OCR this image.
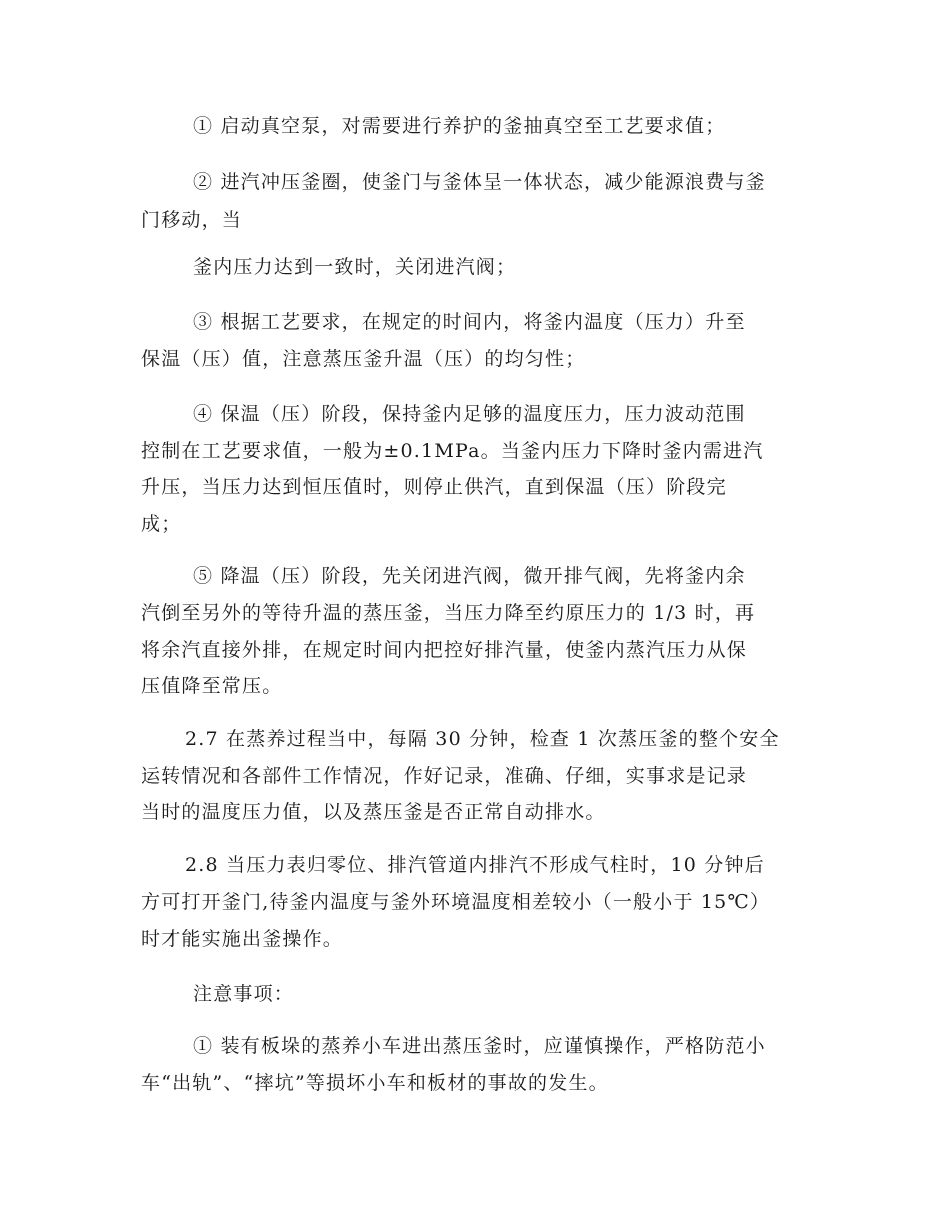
① 启动真空泵，对需要进行养护的釜抽真空至工艺要求值；
② 进汽冲压釜圈，使釜门与釜体呈一体状态，减少能源浪费与釜
门移动，当
釜内压力达到一致时，关闭进汽阀；
③ 根据工艺要求，在规定的时间内，将釜内温度（压力）升至
保温（压）值，注意蒸压釜升温（压）的均匀性；
④ 保温（压）阶段，保持釜内足够的温度压力，压力波动范围
控制在工艺要求值，一般为±0.1MPa。当釜内压力下降时釜内需进汽
升压，当压力达到恒压值时，则停止供汽，直到保温（压）阶段完
成；
⑤ 降温（压）阶段，先关闭进汽阀，微开排气阀，先将釜内余
汽倒至另外的等待升温的蒸压釜，当压力降至约原压力的 1/3 时，再
将余汽直接外排，在规定时间内把控好排汽量，使釜内蒸汽压力从保
压值降至常压。
2.7 在蒸养过程当中，每隔 30 分钟，检查 1 次蒸压釜的整个安全
运转情况和各部件工作情况，作好记录，准确、仔细，实事求是记录
当时的温度压力值，以及蒸压釜是否正常自动排水。
2.8 当压力表归零位、排汽管道内排汽不形成气柱时，10 分钟后
方可打开釜门,待釜内温度与釜外环境温度相差较小（一般小于 15℃）
时才能实施出釜操作。
注意事项：
① 装有板垛的蒸养小车进出蒸压釜时，应谨慎操作，严格防范小
车“出轨”、“摔坑”等损坏小车和板材的事故的发生。
